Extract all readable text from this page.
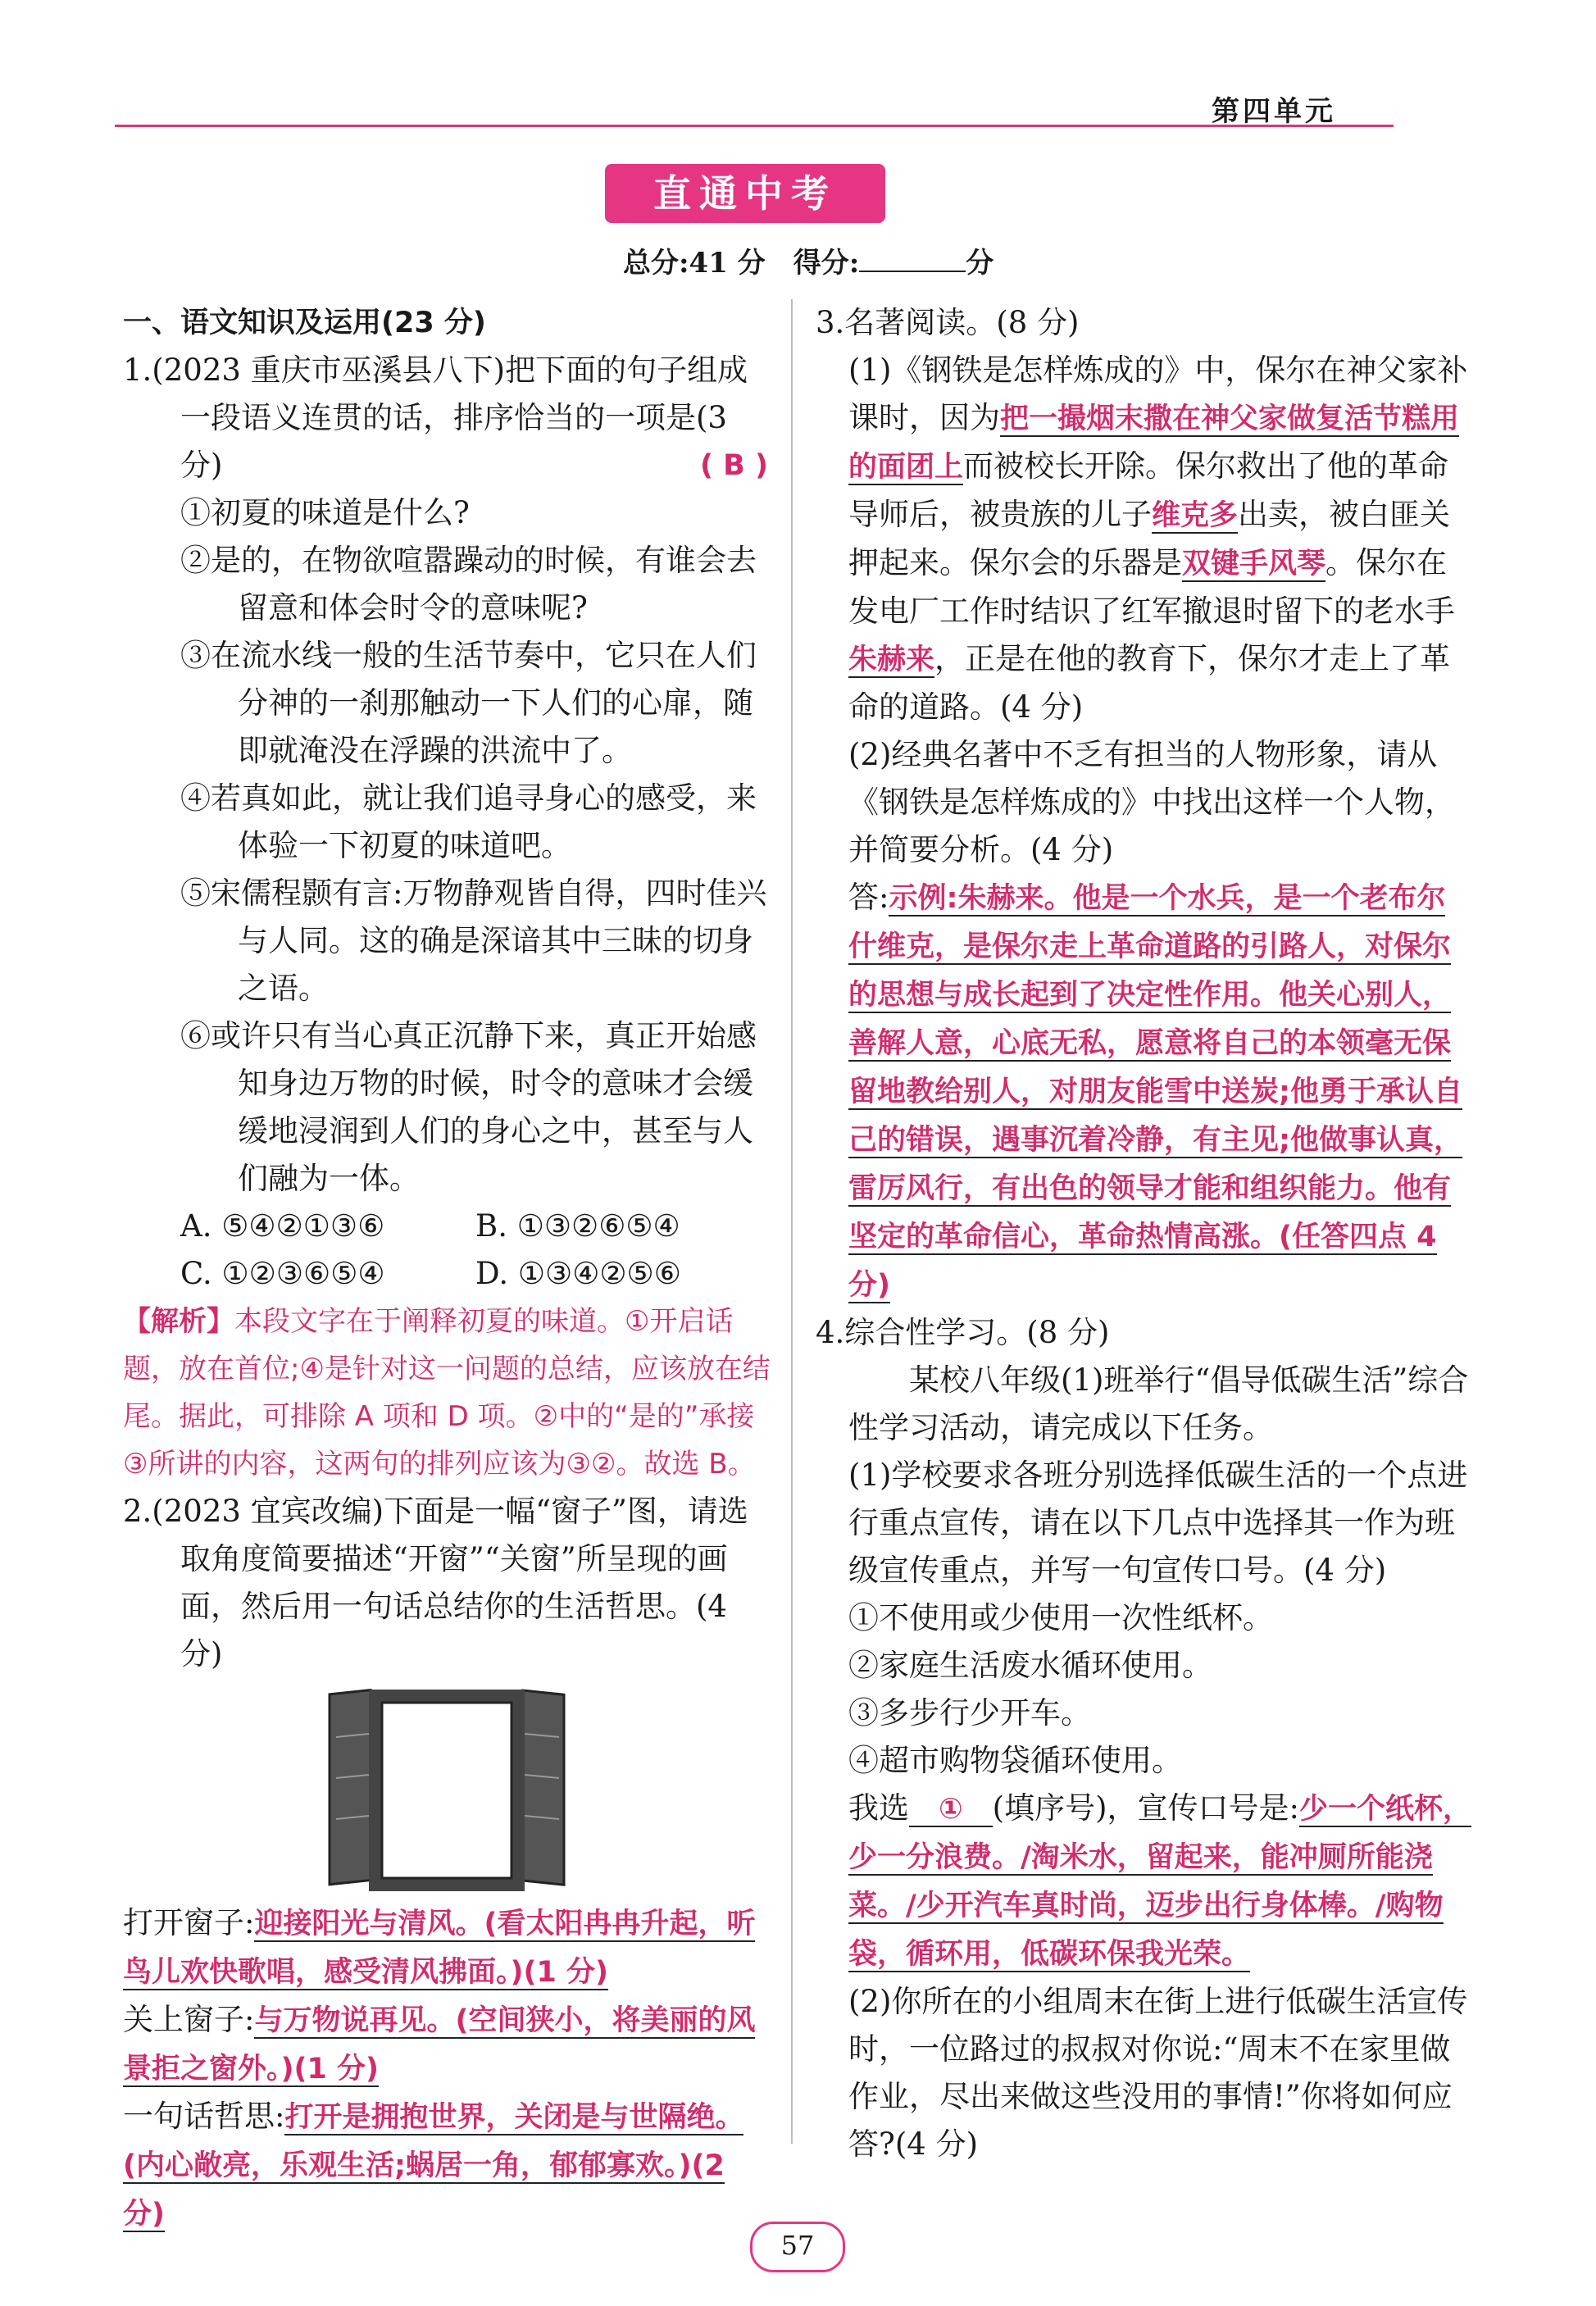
第四单元
直通中考
总分:41 分　得分:	分

一、语文知识及运用(23 分)

1.(2023 重庆市巫溪县八下)把下面的句子组成一段语义连贯的话，排序恰当的一项是(3 分)	( B )

①初夏的味道是什么?

②是的，在物欲喧嚣躁动的时候，有谁会去留意和体会时令的意味呢?

③在流水线一般的生活节奏中，它只在人们分神的一刹那触动一下人们的心扉，随即就淹没在浮躁的洪流中了。

④若真如此，就让我们追寻身心的感受，来体验一下初夏的味道吧。

⑤宋儒程颢有言:万物静观皆自得，四时佳兴与人同。这的确是深谙其中三昧的切身之语。

⑥或许只有当心真正沉静下来，真正开始感知身边万物的时候，时令的意味才会缓缓地浸润到人们的身心之中，甚至与人们融为一体。

A. ⑤④②①③⑥	B. ①③②⑥⑤④
C. ①②③⑥⑤④	D. ①③④②⑤⑥

【解析】本段文字在于阐释初夏的味道。①开启话题，放在首位;④是针对这一问题的总结，应该放在结尾。据此，可排除 A 项和 D 项。②中的“是的”承接③所讲的内容，这两句的排列应该为③②。故选 B。

2.(2023 宜宾改编)下面是一幅“窗子”图，请选取角度简要描述“开窗”“关窗”所呈现的画面，然后用一句话总结你的生活哲思。(4 分)

打开窗子:迎接阳光与清风。(看太阳冉冉升起，听鸟儿欢快歌唱，感受清风拂面。)(1 分)

关上窗子:与万物说再见。(空间狭小，将美丽的风景拒之窗外。)(1 分)

一句话哲思:打开是拥抱世界，关闭是与世隔绝。(内心敞亮，乐观生活;蜗居一角，郁郁寡欢。)(2 分)

3.名著阅读。(8 分)

(1)《钢铁是怎样炼成的》中，保尔在神父家补课时，因为把一撮烟末撒在神父家做复活节糕用的面团上而被校长开除。保尔救出了他的革命导师后，被贵族的儿子维克多出卖，被白匪关押起来。保尔会的乐器是双键手风琴。保尔在发电厂工作时结识了红军撤退时留下的老水手朱赫来，正是在他的教育下，保尔才走上了革命的道路。(4 分)

(2)经典名著中不乏有担当的人物形象，请从《钢铁是怎样炼成的》中找出这样一个人物，并简要分析。(4 分)

答:示例:朱赫来。他是一个水兵，是一个老布尔什维克，是保尔走上革命道路的引路人，对保尔的思想与成长起到了决定性作用。他关心别人，善解人意，心底无私，愿意将自己的本领毫无保留地教给别人，对朋友能雪中送炭;他勇于承认自己的错误，遇事沉着冷静，有主见;他做事认真，雷厉风行，有出色的领导才能和组织能力。他有坚定的革命信心，革命热情高涨。(任答四点 4 分)

4.综合性学习。(8 分)

某校八年级(1)班举行“倡导低碳生活”综合性学习活动，请完成以下任务。

(1)学校要求各班分别选择低碳生活的一个点进行重点宣传，请在以下几点中选择其一作为班级宣传重点，并写一句宣传口号。(4 分)

①不使用或少使用一次性纸杯。

②家庭生活废水循环使用。

③多步行少开车。

④超市购物袋循环使用。

我选 ① (填序号)，宣传口号是:少一个纸杯，少一分浪费。/淘米水，留起来，能冲厕所能浇菜。/少开汽车真时尚，迈步出行身体棒。/购物袋，循环用，低碳环保我光荣。

(2)你所在的小组周末在街上进行低碳生活宣传时，一位路过的叔叔对你说:“周末不在家里做作业，尽出来做这些没用的事情!”你将如何应答?(4 分)

57
